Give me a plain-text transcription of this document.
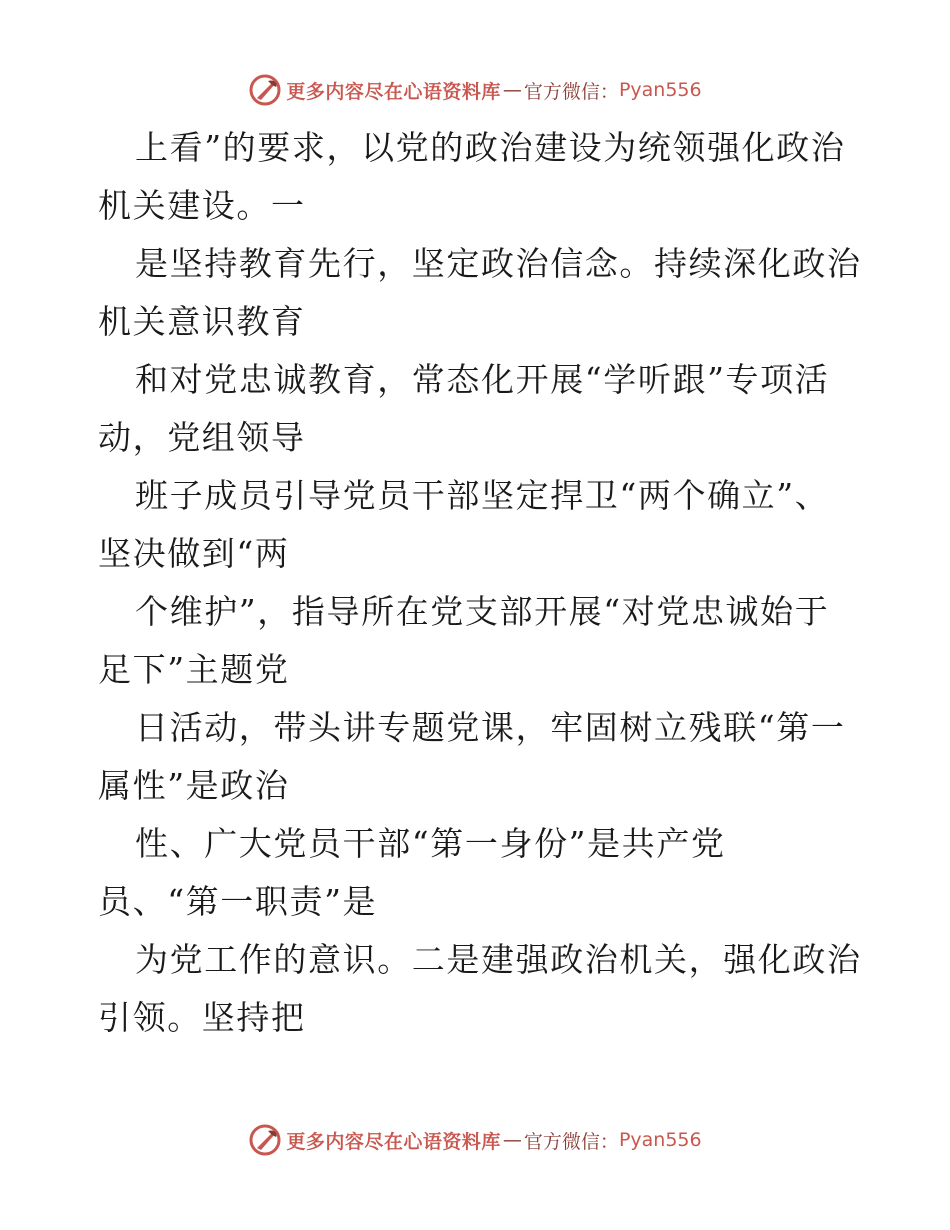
更多内容尽在心语资料库 — 官方微信： Pyan556
上看”的要求，以党的政治建设为统领强化政治
机关建设。一
是坚持教育先行，坚定政治信念。持续深化政治
机关意识教育
和对党忠诚教育，常态化开展“学听跟”专项活
动，党组领导
班子成员引导党员干部坚定捍卫“两个确立”、
坚决做到“两
个维护”，指导所在党支部开展“对党忠诚始于
足下”主题党
日活动，带头讲专题党课，牢固树立残联“第一
属性”是政治
性、广大党员干部“第一身份”是共产党
员、“第一职责”是
为党工作的意识。二是建强政治机关，强化政治
引领。坚持把
更多内容尽在心语资料库 — 官方微信： Pyan556
